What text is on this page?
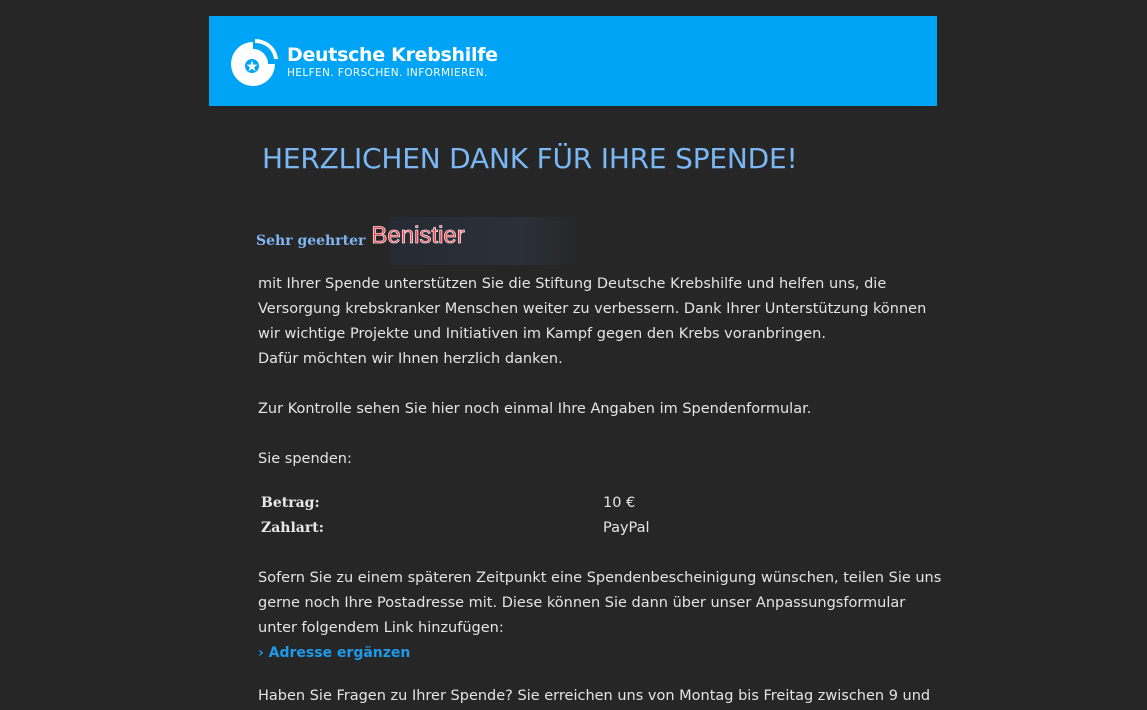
Deutsche Krebshilfe
HELFEN. FORSCHEN. INFORMIEREN.
HERZLICHEN DANK FÜR IHRE SPENDE!
Sehr geehrter Benistier

mit Ihrer Spende unterstützen Sie die Stiftung Deutsche Krebshilfe und helfen uns, die
Versorgung krebskranker Menschen weiter zu verbessern. Dank Ihrer Unterstützung können
wir wichtige Projekte und Initiativen im Kampf gegen den Krebs voranbringen.
Dafür möchten wir Ihnen herzlich danken.

Zur Kontrolle sehen Sie hier noch einmal Ihre Angaben im Spendenformular.

Sie spenden:

Betrag:	10 €
Zahlart:	PayPal

Sofern Sie zu einem späteren Zeitpunkt eine Spendenbescheinigung wünschen, teilen Sie uns
gerne noch Ihre Postadresse mit. Diese können Sie dann über unser Anpassungsformular
unter folgendem Link hinzufügen:

› Adresse ergänzen

Haben Sie Fragen zu Ihrer Spende? Sie erreichen uns von Montag bis Freitag zwischen 9 und
